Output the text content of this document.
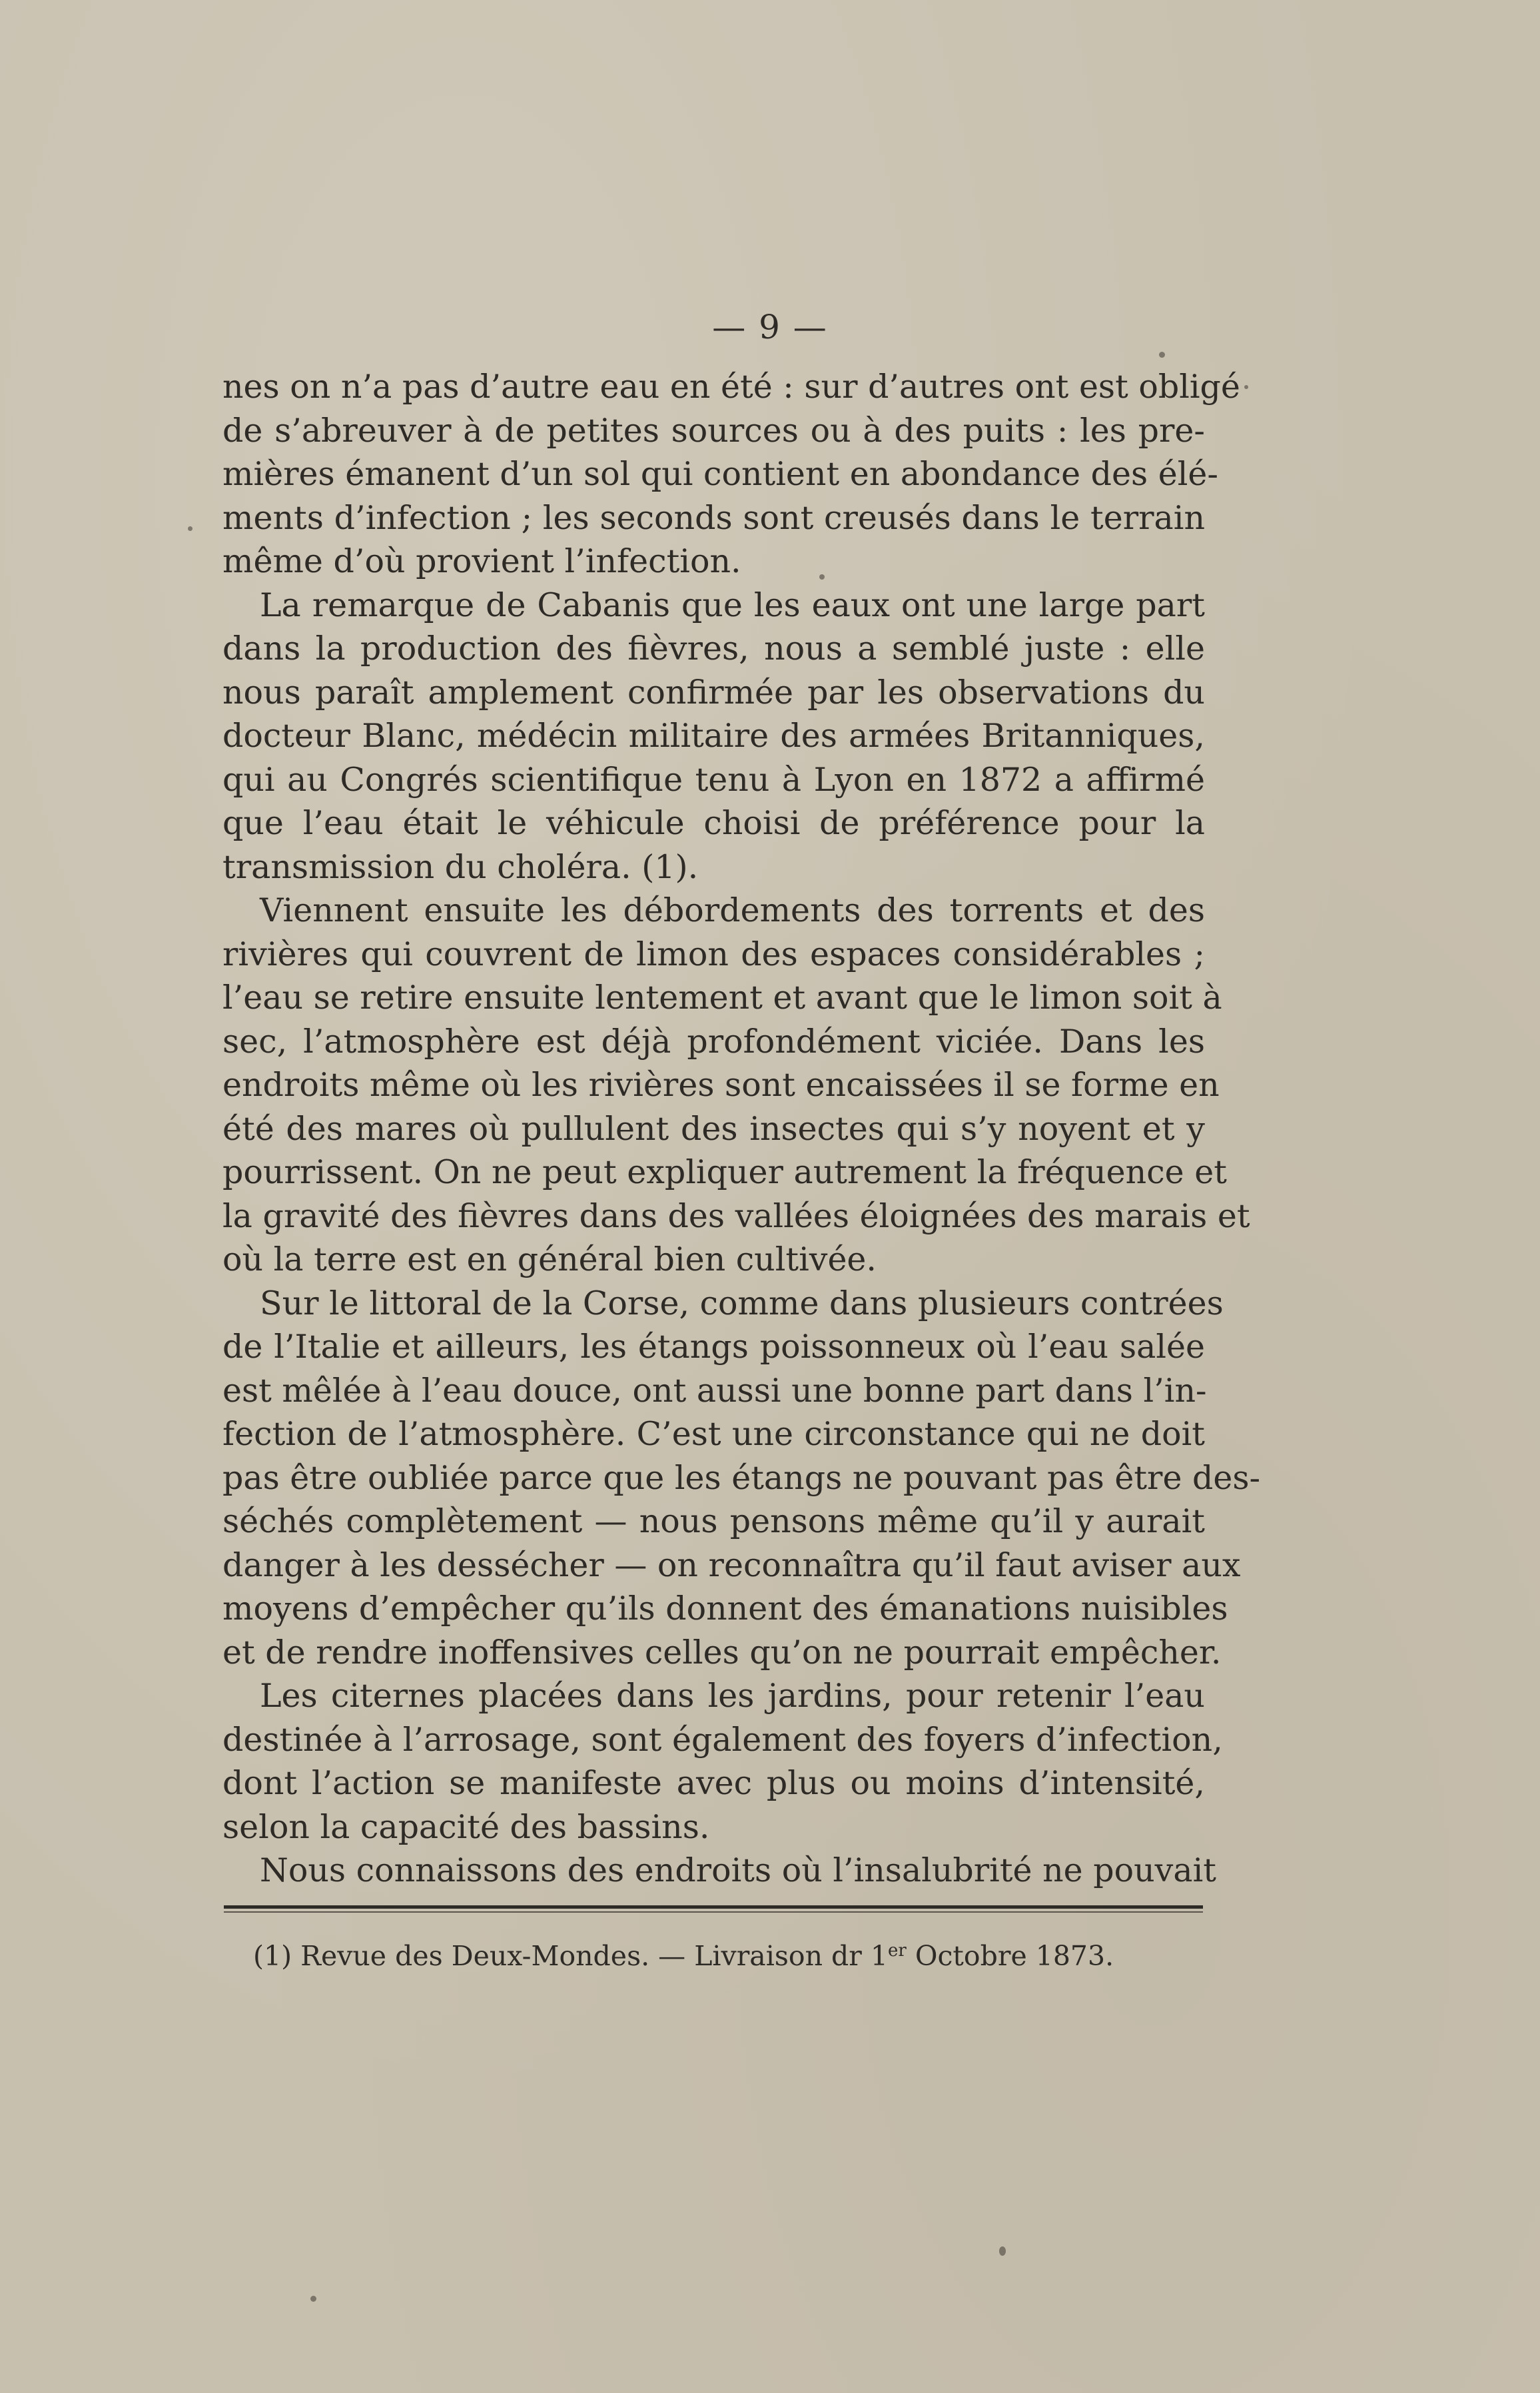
— 9 —
nes on n’a pas d’autre eau en été : sur d’autres ont est obligé
de s’abreuver à de petites sources ou à des puits : les pre-
mières émanent d’un sol qui contient en abondance des élé-
ments d’infection ; les seconds sont creusés dans le terrain
même d’où provient l’infection.
La remarque de Cabanis que les eaux ont une large part
dans la production des fièvres, nous a semblé juste : elle
nous paraît amplement confirmée par les observations du
docteur Blanc, médécin militaire des armées Britanniques,
qui au Congrés scientifique tenu à Lyon en 1872 a affirmé
que l’eau était le véhicule choisi de préférence pour la
transmission du choléra. (1).
Viennent ensuite les débordements des torrents et des
rivières qui couvrent de limon des espaces considérables ;
l’eau se retire ensuite lentement et avant que le limon soit à
sec, l’atmosphère est déjà profondément viciée. Dans les
endroits même où les rivières sont encaissées il se forme en
été des mares où pullulent des insectes qui s’y noyent et y
pourrissent. On ne peut expliquer autrement la fréquence et
la gravité des fièvres dans des vallées éloignées des marais et
où la terre est en général bien cultivée.
Sur le littoral de la Corse, comme dans plusieurs contrées
de l’Italie et ailleurs, les étangs poissonneux où l’eau salée
est mêlée à l’eau douce, ont aussi une bonne part dans l’in-
fection de l’atmosphère. C’est une circonstance qui ne doit
pas être oubliée parce que les étangs ne pouvant pas être des-
séchés complètement — nous pensons même qu’il y aurait
danger à les dessécher — on reconnaîtra qu’il faut aviser aux
moyens d’empêcher qu’ils donnent des émanations nuisibles
et de rendre inoffensives celles qu’on ne pourrait empêcher.
Les citernes placées dans les jardins, pour retenir l’eau
destinée à l’arrosage, sont également des foyers d’infection,
dont l’action se manifeste avec plus ou moins d’intensité,
selon la capacité des bassins.
Nous connaissons des endroits où l’insalubrité ne pouvait
(1) Revue des Deux-Mondes. — Livraison dr 1er Octobre 1873.
